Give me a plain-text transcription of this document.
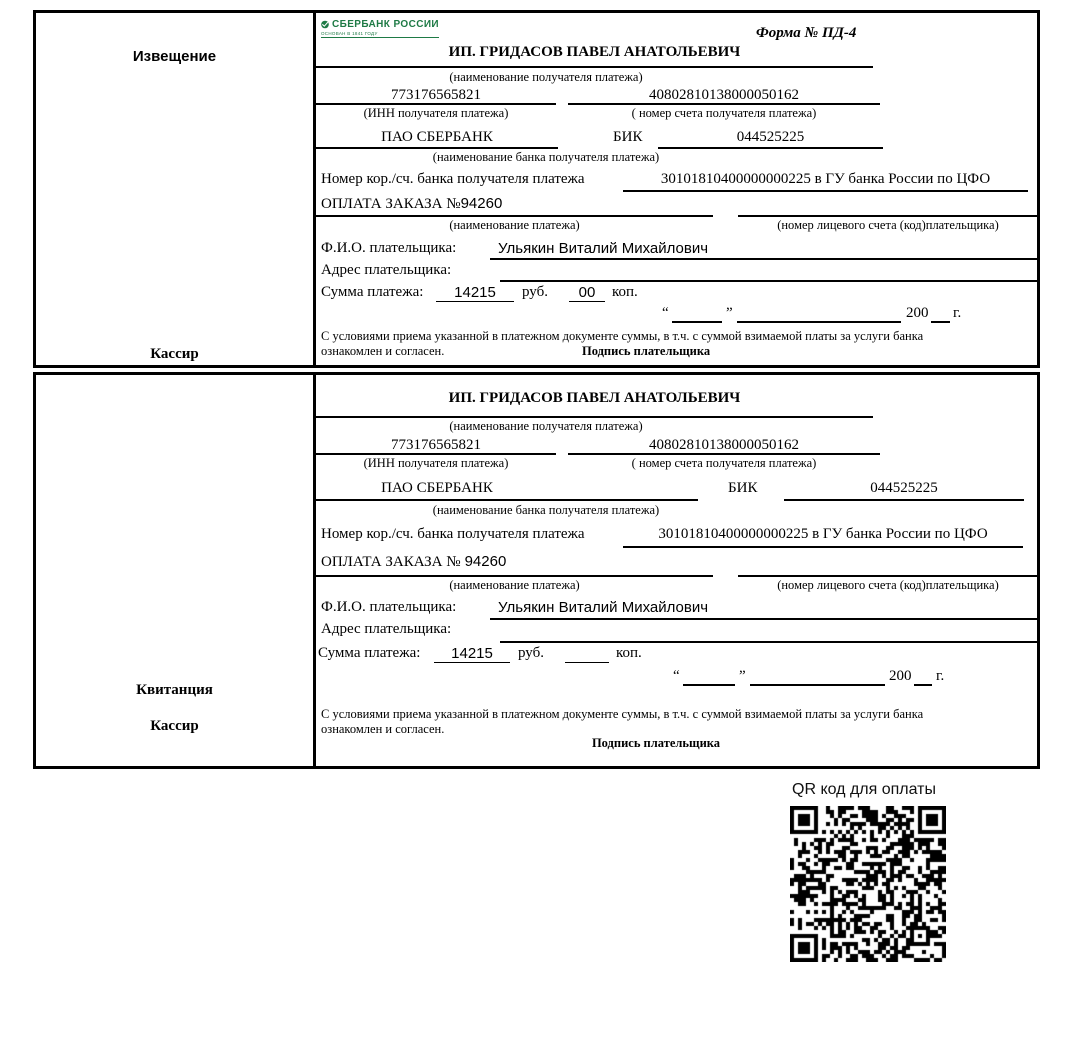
Извещение
Кассир
СБЕРБАНК РОССИИ
ОСНОВАН В 1841 ГОДУ	Форма № ПД-4
ИП. ГРИДАСОВ ПАВЕЛ АНАТОЛЬЕВИЧ
(наименование получателя платежа)
773176565821	40802810138000050162
(ИНН получателя платежа)	( номер счета получателя платежа)
ПАО СБЕРБАНК	БИК	044525225
(наименование банка получателя платежа)
Номер кор./сч. банка получателя платежа	30101810400000000225 в ГУ банка России по ЦФО
ОПЛАТА ЗАКАЗА №94260
(наименование платежа)	(номер лицевого счета (код)плательщика)
Ф.И.О. плательщика:	Ульякин Виталий Михайлович
Адрес плательщика:
Сумма платежа:	14215	руб.	00	коп.
“	”	200 г.
С условиями приема указанной в платежном документе суммы, в т.ч. с суммой взимаемой платы за услуги банка
ознакомлен и согласен.	Подпись плательщика
Квитанция
Кассир
ИП. ГРИДАСОВ ПАВЕЛ АНАТОЛЬЕВИЧ
(наименование получателя платежа)
773176565821	40802810138000050162
(ИНН получателя платежа)	( номер счета получателя платежа)
ПАО СБЕРБАНК	БИК	044525225
(наименование банка получателя платежа)
Номер кор./сч. банка получателя платежа	30101810400000000225 в ГУ банка России по ЦФО
ОПЛАТА ЗАКАЗА № 94260
(наименование платежа)	(номер лицевого счета (код)плательщика)
Ф.И.О. плательщика:	Ульякин Виталий Михайлович
Адрес плательщика:
Сумма платежа:	14215	руб.	коп.
“	”	200 г.
С условиями приема указанной в платежном документе суммы, в т.ч. с суммой взимаемой платы за услуги банка
ознакомлен и согласен.
Подпись плательщика
QR код для оплаты
